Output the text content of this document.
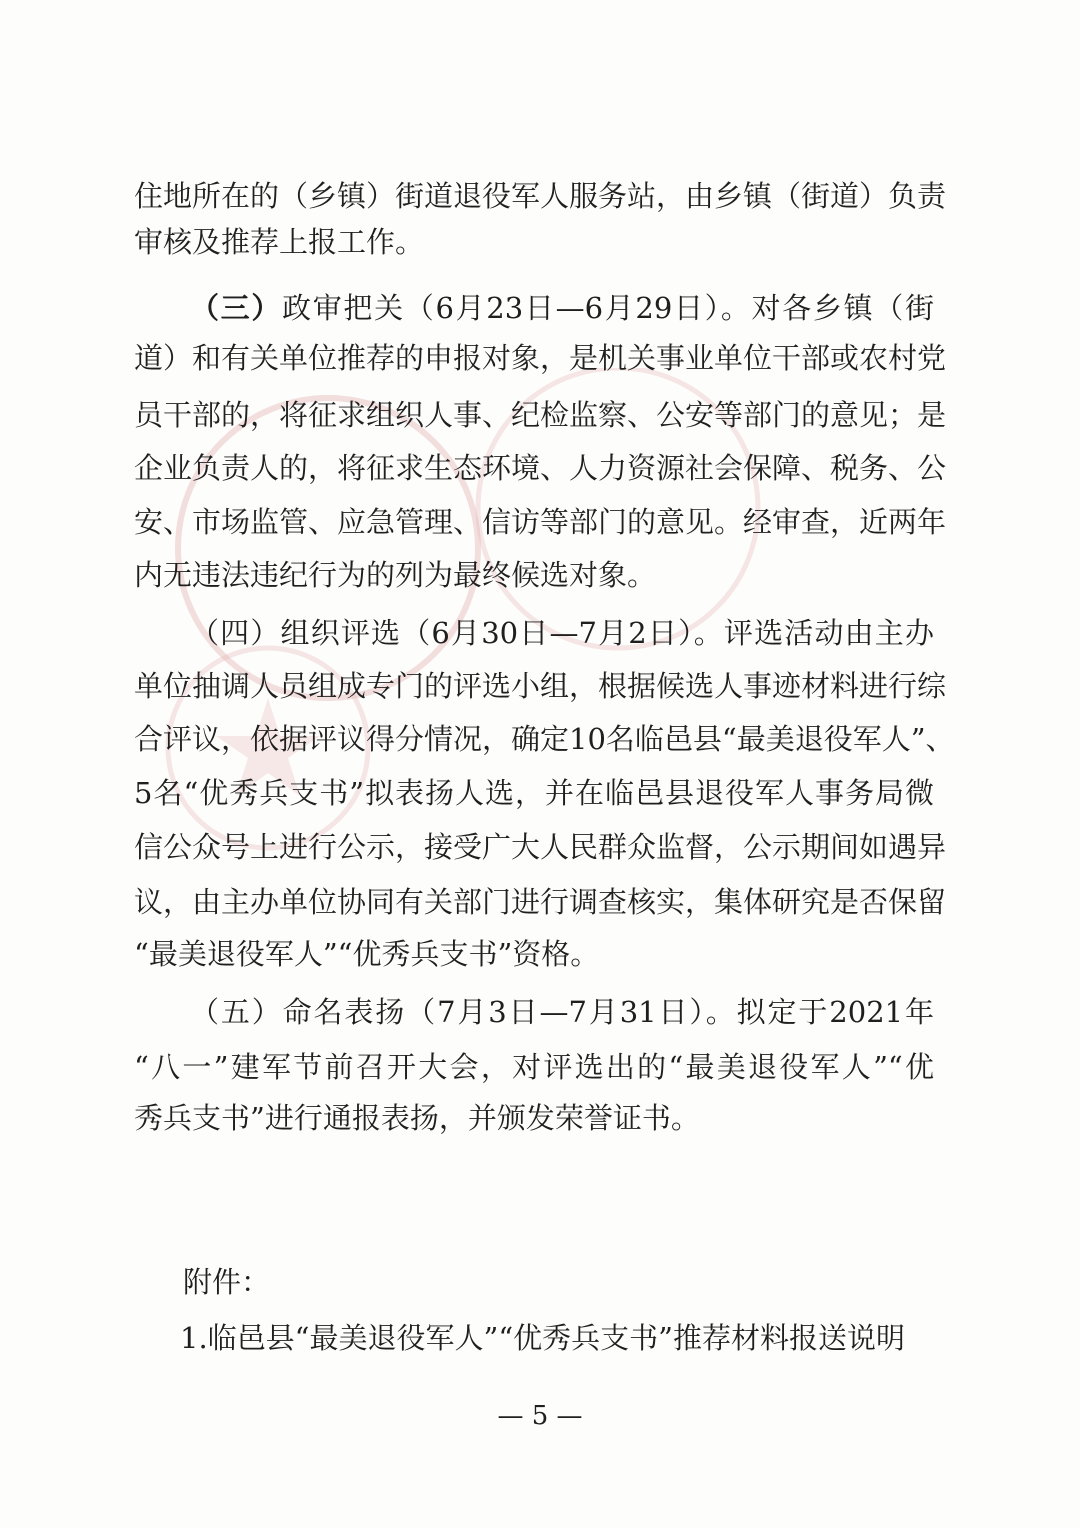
住地所在的（乡镇）街道退役军人服务站，由乡镇（街道）负责
审核及推荐上报工作。
（三）政审把关（6月23日—6月29日）。对各乡镇（街
道）和有关单位推荐的申报对象，是机关事业单位干部或农村党
员干部的，将征求组织人事、纪检监察、公安等部门的意见；是
企业负责人的，将征求生态环境、人力资源社会保障、税务、公
安、市场监管、应急管理、信访等部门的意见。经审查，近两年
内无违法违纪行为的列为最终候选对象。
（四）组织评选（6月30日—7月2日）。评选活动由主办
单位抽调人员组成专门的评选小组，根据候选人事迹材料进行综
合评议，依据评议得分情况，确定10名临邑县“最美退役军人”、
5名“优秀兵支书”拟表扬人选，并在临邑县退役军人事务局微
信公众号上进行公示，接受广大人民群众监督，公示期间如遇异
议，由主办单位协同有关部门进行调查核实，集体研究是否保留
“最美退役军人”“优秀兵支书”资格。
（五）命名表扬（7月3日—7月31日）。拟定于2021年
“八一”建军节前召开大会，对评选出的“最美退役军人”“优
秀兵支书”进行通报表扬，并颁发荣誉证书。
附件：
1.临邑县“最美退役军人”“优秀兵支书”推荐材料报送说明
— 5 —
